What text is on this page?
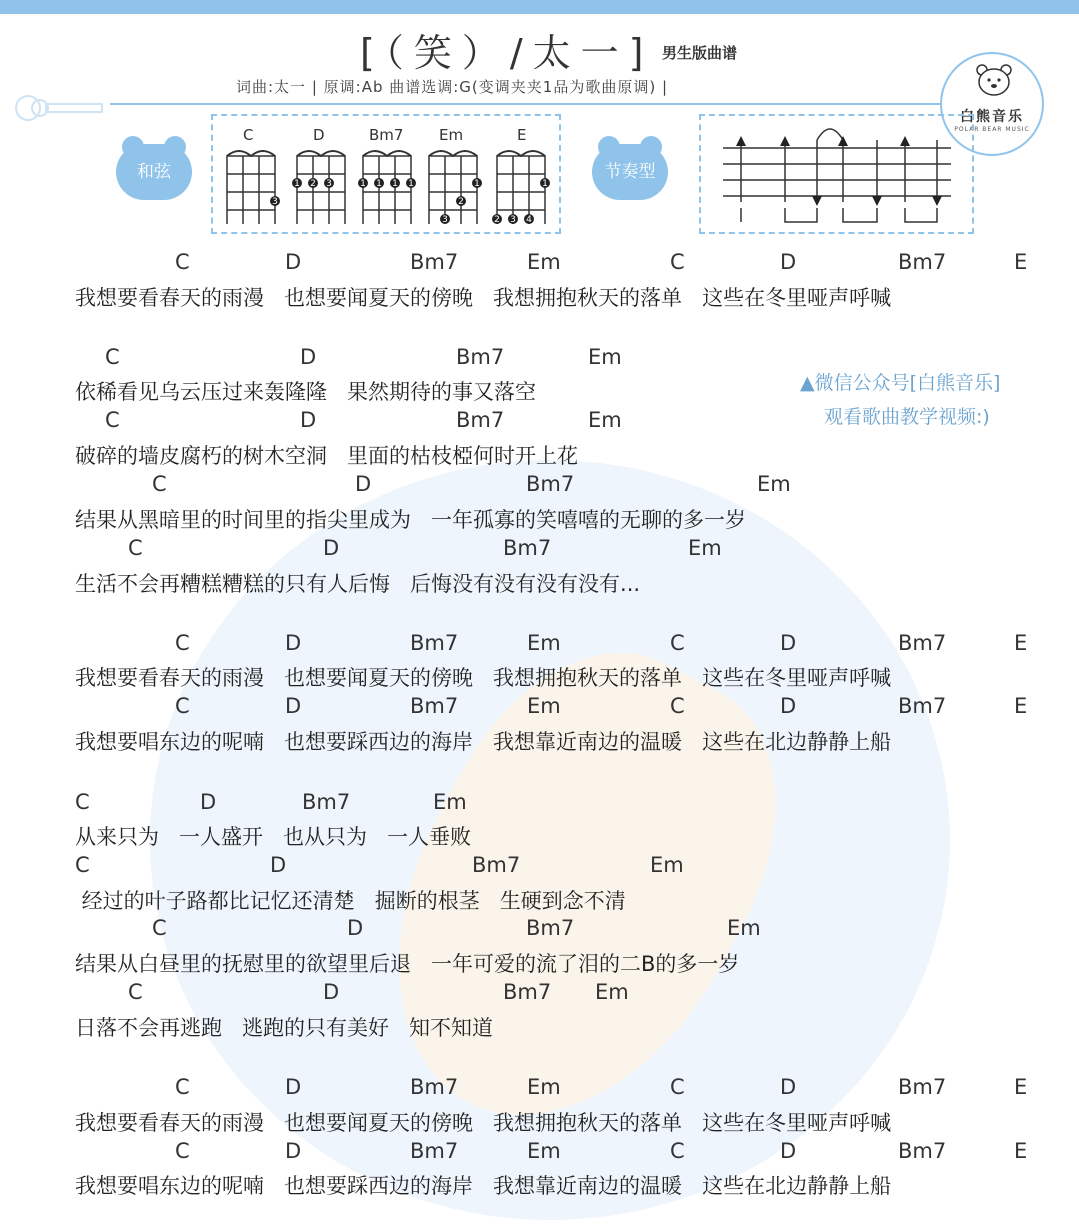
[（笑）/太一] 男生版曲谱
词曲:太一 | 原调:Ab 曲谱选调:G(变调夹夹1品为歌曲原调) |
白熊音乐
POLAR BEAR MUSIC
和弦	节奏型
C	D	Bm7 Em	E
3
1 2 3	1 1 1 1	1
2
3
1
2 3 4
▲微信公众号[白熊音乐]
观看歌曲教学视频:)
C	D	Bm7	Em	C	D	Bm7	E
我想要看春天的雨漫   也想要闻夏天的傍晚   我想拥抱秋天的落单   这些在冬里哑声呼喊
C	D	Bm7	Em
依稀看见乌云压过来轰隆隆   果然期待的事又落空
C	D	Bm7	Em
破碎的墙皮腐朽的树木空洞   里面的枯枝椏何时开上花
C	D	Bm7	Em
结果从黑暗里的时间里的指尖里成为   一年孤寡的笑嘻嘻的无聊的多一岁
C	D	Bm7	Em
生活不会再糟糕糟糕的只有人后悔   后悔没有没有没有没有...
C	D	Bm7	Em	C	D	Bm7	E
我想要看春天的雨漫   也想要闻夏天的傍晚   我想拥抱秋天的落单   这些在冬里哑声呼喊
C	D	Bm7	Em	C	D	Bm7	E
我想要唱东边的呢喃   也想要踩西边的海岸   我想靠近南边的温暖   这些在北边静静上船
C	D	Bm7	Em
从来只为   一人盛开   也从只为   一人垂败
C	D	Bm7	Em
经过的叶子路都比记忆还清楚   掘断的根茎   生硬到念不清
C	D	Bm7	Em
结果从白昼里的抚慰里的欲望里后退   一年可爱的流了泪的二B的多一岁
C	D	Bm7 Em
日落不会再逃跑   逃跑的只有美好   知不知道
C	D	Bm7	Em	C	D	Bm7	E
我想要看春天的雨漫   也想要闻夏天的傍晚   我想拥抱秋天的落单   这些在冬里哑声呼喊
C	D	Bm7	Em	C	D	Bm7	E
我想要唱东边的呢喃   也想要踩西边的海岸   我想靠近南边的温暖   这些在北边静静上船
